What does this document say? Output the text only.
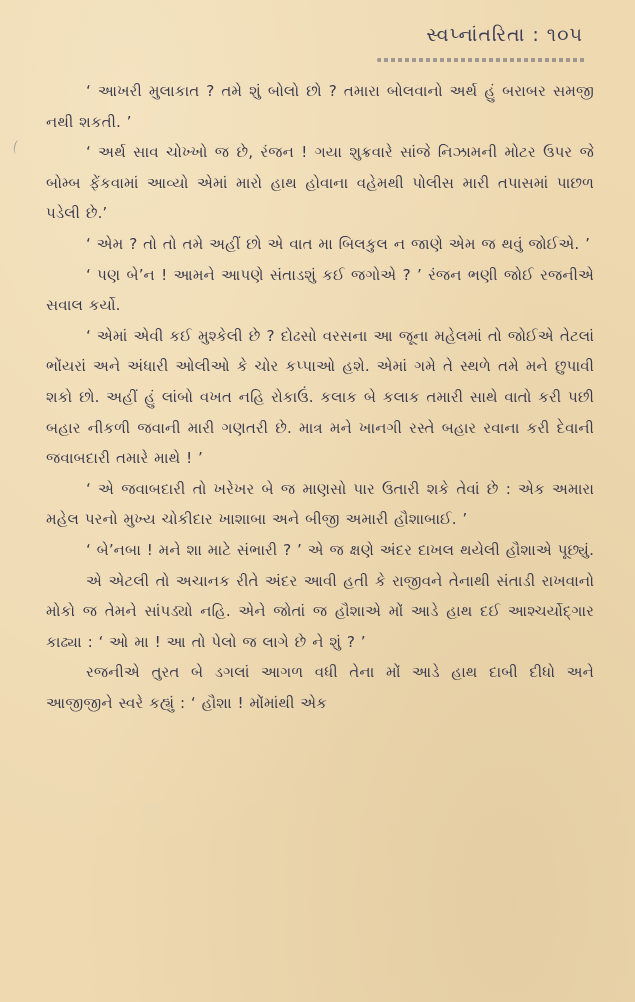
સ્વપ્નાંતરિતા : ૧૦૫

‘ આખરી મુલાકાત ? તમે શું બોલો છો ? તમારા બોલવાનો અર્થ હું બરાબર સમજી નથી શકતી. ’

‘ અર્થ સાવ ચોખ્ખો જ છે, રંજન ! ગયા શુક્રવારે સાંજે નિઝામની મોટર ઉપર જે બોમ્બ ફેંકવામાં આવ્યો એમાં મારો હાથ હોવાના વહેમથી પોલીસ મારી તપાસમાં પાછળ પડેલી છે.’

‘ એમ ? તો તો તમે અહીં છો એ વાત મા બિલકુલ ન જાણે એમ જ થવું જોઈએ. ’

‘ પણ બે’ન ! આમને આપણે સંતાડશું કઈ જગોએ ? ’ રંજન ભણી જોઈ રજનીએ સવાલ કર્યો.

‘ એમાં એવી કઈ મુશ્કેલી છે ? દોઢસો વરસના આ જૂના મહેલમાં તો જોઈએ તેટલાં ભોંયરાં અને અંધારી ઓલીઓ કે ચોર કપ્પાઓ હશે. એમાં ગમે તે સ્થળે તમે મને છુપાવી શકો છો. અહીં હું લાંબો વખત નહિ રોકાઉં. કલાક બે કલાક તમારી સાથે વાતો કરી પછી બહાર નીકળી જવાની મારી ગણતરી છે. માત્ર મને ખાનગી રસ્તે બહાર રવાના કરી દેવાની જવાબદારી તમારે માથે ! ’

‘ એ જવાબદારી તો ખરેખર બે જ માણસો પાર ઉતારી શકે તેવાં છે : એક અમારા મહેલ પરનો મુખ્ય ચોકીદાર ખાશાબા અને બીજી અમારી હૌશાબાઈ. ’

‘ બે’નબા ! મને શા માટે સંભારી ? ’ એ જ ક્ષણે અંદર દાખલ થયેલી હૌશાએ પૂછ્યું.

એ એટલી તો અચાનક રીતે અંદર આવી હતી કે રાજીવને તેનાથી સંતાડી રાખવાનો મોકો જ તેમને સાંપડ્યો નહિ. એને જોતાં જ હૌશાએ મોં આડે હાથ દઈ આશ્ચર્યોદ્ગાર કાઢ્યા : ‘ ઓ મા ! આ તો પેલો જ લાગે છે ને શું ? ’

રજનીએ તુરત બે ડગલાં આગળ વધી તેના મોં આડે હાથ દાબી દીધો અને આજીજીને સ્વરે કહ્યું : ‘ હૌશા ! મોંમાંથી એક
